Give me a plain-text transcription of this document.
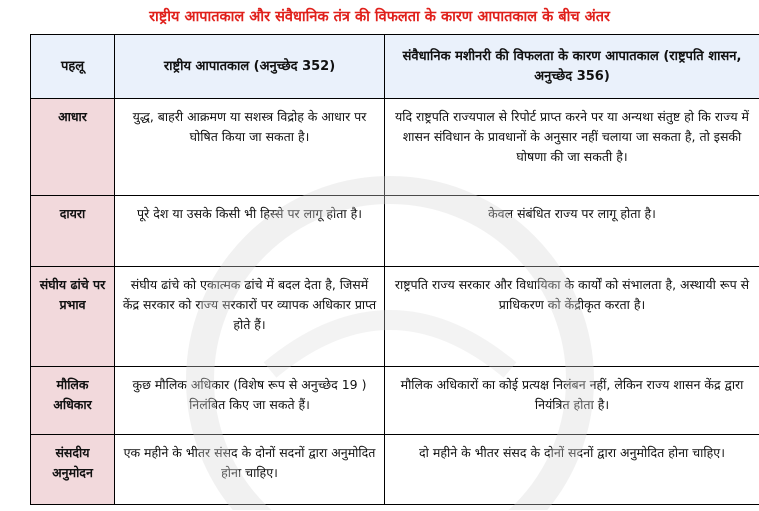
राष्ट्रीय आपातकाल और संवैधानिक तंत्र की विफलता के कारण आपातकाल के बीच अंतर
पहलू	राष्ट्रीय आपातकाल (अनुच्छेद 352)	संवैधानिक मशीनरी की विफलता के कारण आपातकाल (राष्ट्रपति शासन, अनुच्छेद 356)
आधार	युद्ध, बाहरी आक्रमण या सशस्त्र विद्रोह के आधार पर घोषित किया जा सकता है।	यदि राष्ट्रपति राज्यपाल से रिपोर्ट प्राप्त करने पर या अन्यथा संतुष्ट हो कि राज्य में शासन संविधान के प्रावधानों के अनुसार नहीं चलाया जा सकता है, तो इसकी घोषणा की जा सकती है।
दायरा	पूरे देश या उसके किसी भी हिस्से पर लागू होता है।	केवल संबंधित राज्य पर लागू होता है।
संघीय ढांचे पर प्रभाव	संघीय ढांचे को एकात्मक ढांचे में बदल देता है, जिसमें केंद्र सरकार को राज्य सरकारों पर व्यापक अधिकार प्राप्त होते हैं।	राष्ट्रपति राज्य सरकार और विधायिका के कार्यों को संभालता है, अस्थायी रूप से प्राधिकरण को केंद्रीकृत करता है।
मौलिक अधिकार	कुछ मौलिक अधिकार (विशेष रूप से अनुच्छेद 19 ) निलंबित किए जा सकते हैं।	मौलिक अधिकारों का कोई प्रत्यक्ष निलंबन नहीं, लेकिन राज्य शासन केंद्र द्वारा नियंत्रित होता है।
संसदीय अनुमोदन	एक महीने के भीतर संसद के दोनों सदनों द्वारा अनुमोदित होना चाहिए।	दो महीने के भीतर संसद के दोनों सदनों द्वारा अनुमोदित होना चाहिए।
